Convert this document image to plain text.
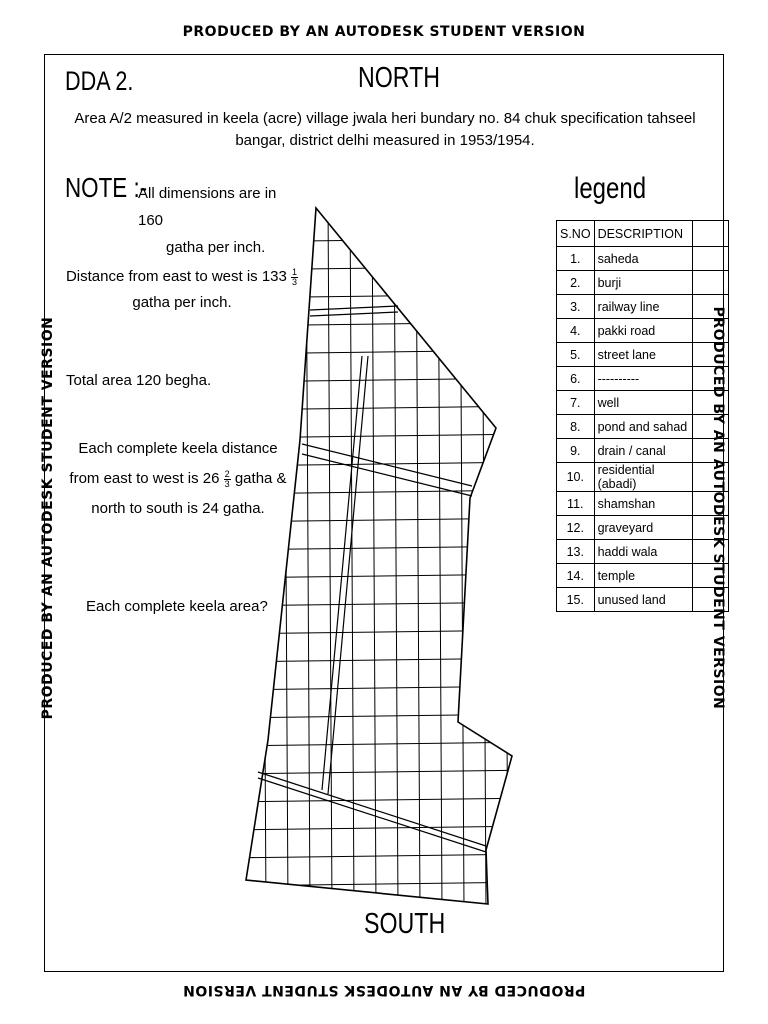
PRODUCED BY AN AUTODESK STUDENT VERSION
PRODUCED BY AN AUTODESK STUDENT VERSION
PRODUCED BY AN AUTODESK STUDENT VERSION	PRODUCED BY AN AUTODESK STUDENT VERSION
DDA 2.	NORTH
SOUTH
Area A/2 measured in keela (acre) village jwala heri bundary no. 84 chuk specification tahseel bangar, district delhi measured in 1953/1954.
NOTE :-
All dimensions are in 160
gatha per inch.
Distance from east to west is $133 \frac{1}{3}$
gatha per inch.
Total area 120 begha.
Each complete keela distance from east to west is $26 \frac{2}{3}$ gatha & north to south is 24 gatha.
Each complete keela area?
legend
S.NO	DESCRIPTION	
1.	saheda	
2.	burji	
3.	railway line	
4.	pakki road	
5.	street lane	
6.	----------	
7.	well	
8.	pond and sahad	
9.	drain / canal	
10.	residential (abadi)	
11.	shamshan	
12.	graveyard	
13.	haddi wala	
14.	temple	
15.	unused land	
